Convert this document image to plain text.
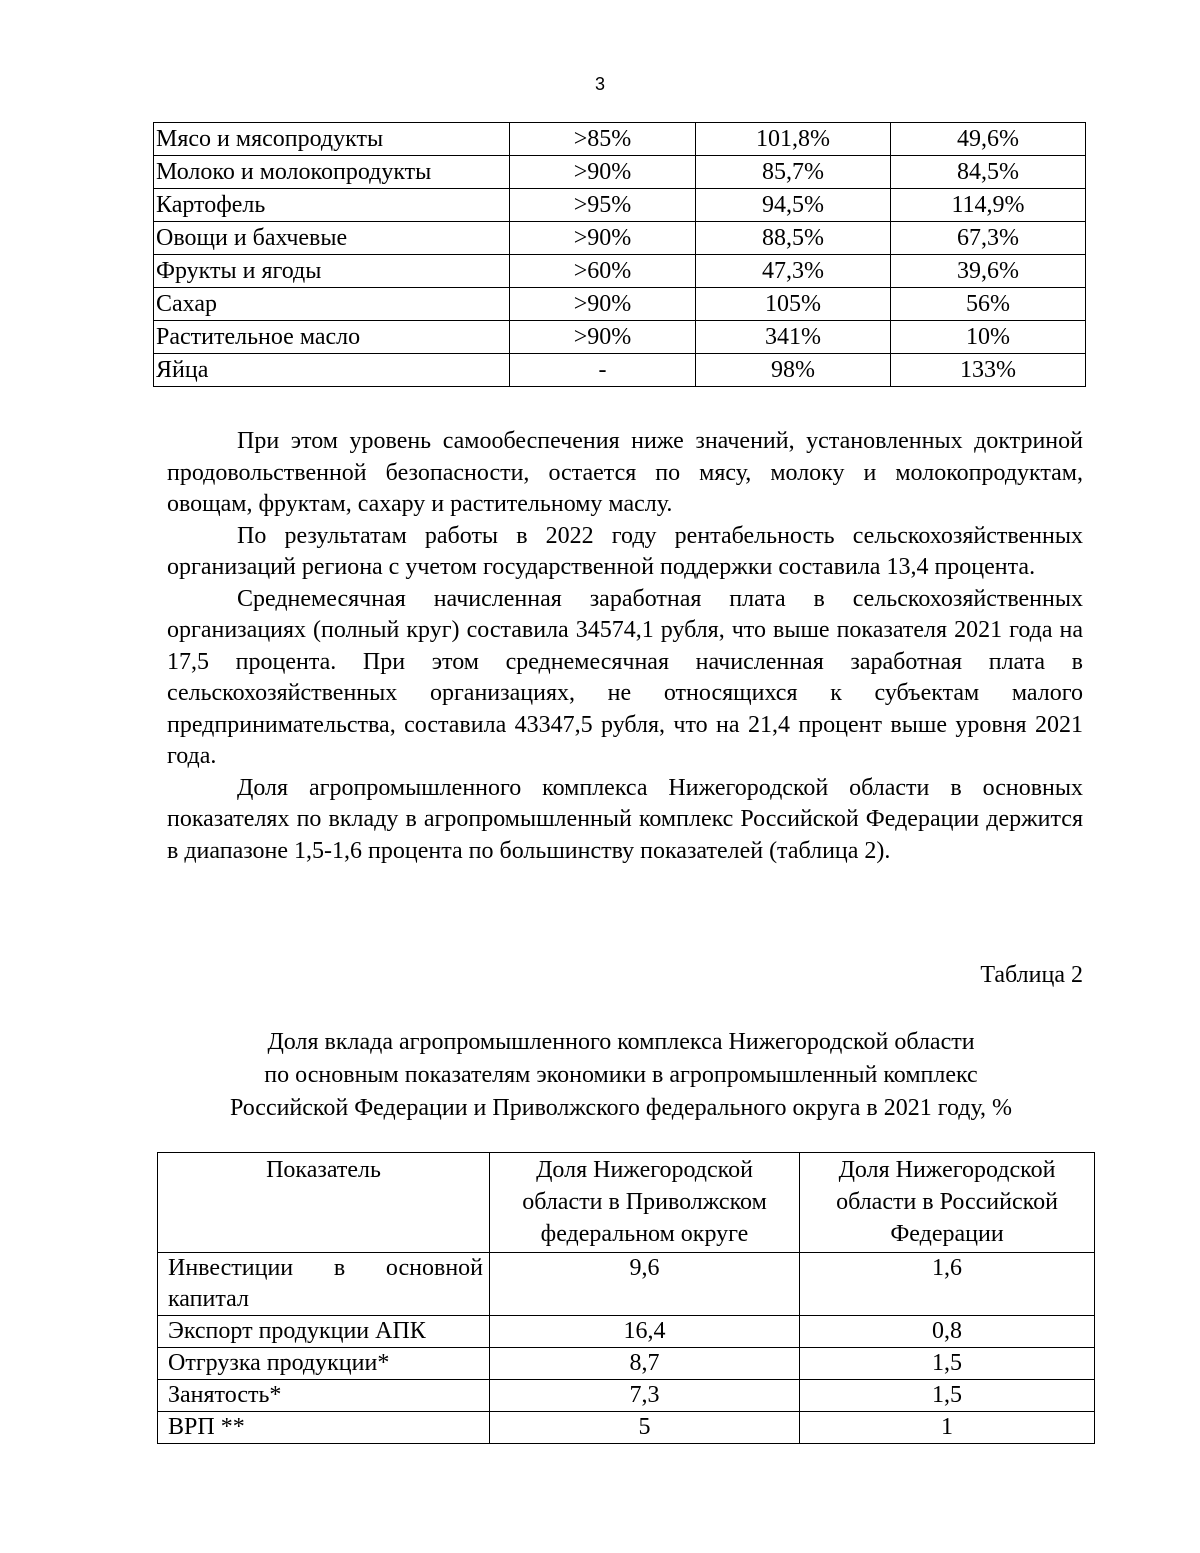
3
Мясо и мясопродукты	>85%	101,8%	49,6%
Молоко и молокопродукты	>90%	85,7%	84,5%
Картофель	>95%	94,5%	114,9%
Овощи и бахчевые	>90%	88,5%	67,3%
Фрукты и ягоды	>60%	47,3%	39,6%
Сахар	>90%	105%	56%
Растительное масло	>90%	341%	10%
Яйца	-	98%	133%

При этом уровень самообеспечения ниже значений, установленных доктриной продовольственной безопасности, остается по мясу, молоку и молокопродуктам, овощам, фруктам, сахару и растительному маслу.

По результатам работы в 2022 году рентабельность сельскохозяйственных организаций региона с учетом государственной поддержки составила 13,4 процента.

Среднемесячная начисленная заработная плата в сельскохозяйственных организациях (полный круг) составила 34574,1 рубля, что выше показателя 2021 года на 17,5 процента. При этом среднемесячная начисленная заработная плата в сельскохозяйственных организациях, не относящихся к субъектам малого предпринимательства, составила 43347,5 рубля, что на 21,4 процент выше уровня 2021 года.

Доля агропромышленного комплекса Нижегородской области в основных показателях по вкладу в агропромышленный комплекс Российской Федерации держится в диапазоне 1,5-1,6 процента по большинству показателей (таблица 2).

Таблица 2
Доля вклада агропромышленного комплекса Нижегородской области
по основным показателям экономики в агропромышленный комплекс
Российской Федерации и Приволжского федерального округа в 2021 году, %
Показатель	Доля Нижегородской области в Приволжском федеральном округе	Доля Нижегородской области в Российской Федерации
Инвестиции в основной капитал	9,6	1,6
Экспорт продукции АПК	16,4	0,8
Отгрузка продукции*	8,7	1,5
Занятость*	7,3	1,5
ВРП **	5	1
